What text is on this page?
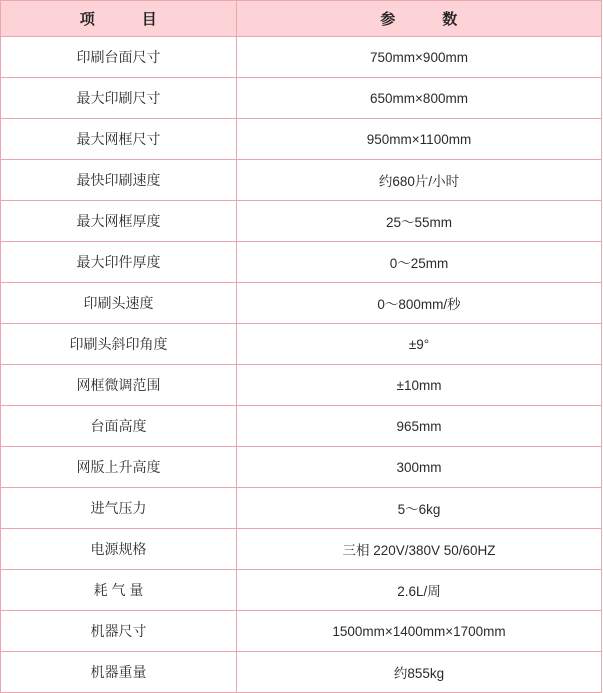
项　　　目	参　　　数
印刷台面尺寸	750mm×900mm
最大印刷尺寸	650mm×800mm
最大网框尺寸	950mm×1100mm
最快印刷速度	约680片/小时
最大网框厚度	25～55mm
最大印件厚度	0～25mm
印刷头速度	0～800mm/秒
印刷头斜印角度	±9°
网框微调范围	±10mm
台面高度	965mm
网版上升高度	300mm
进气压力	5～6kg
电源规格	三相 220V/380V 50/60HZ
耗 气 量	2.6L/周
机器尺寸	1500mm×1400mm×1700mm
机器重量	约855kg
